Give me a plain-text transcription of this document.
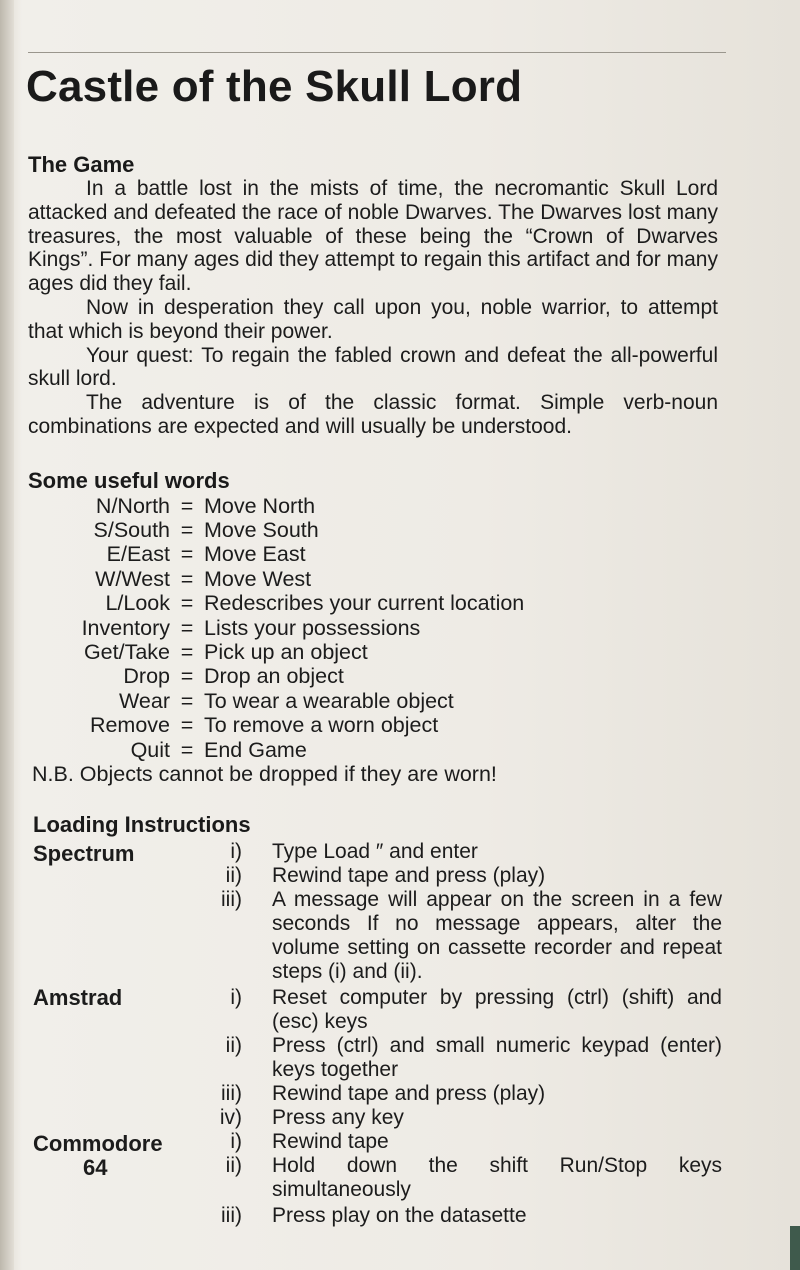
Castle of the Skull Lord
The Game

In a battle lost in the mists of time, the necromantic Skull Lord attacked and defeated the race of noble Dwarves. The Dwarves lost many treasures, the most valuable of these being the “Crown of Dwarves Kings”. For many ages did they attempt to regain this artifact and for many ages did they fail.

Now in desperation they call upon you, noble warrior, to attempt that which is beyond their power.

Your quest: To regain the fabled crown and defeat the all-powerful skull lord.

The adventure is of the classic format. Simple verb-noun combinations are expected and will usually be understood.

Some useful words
N/North = Move North
S/South = Move South
E/East = Move East
W/West = Move West
L/Look = Redescribes your current location
Inventory = Lists your possessions
Get/Take = Pick up an object
Drop = Drop an object
Wear = To wear a wearable object
Remove = To remove a worn object
Quit = End Game
N.B. Objects cannot be dropped if they are worn!
Loading Instructions
Spectrum	i)	Type Load ″ and enter
ii)	Rewind tape and press (play)
iii)	A message will appear on the screen in a few seconds If no message appears, alter the volume setting on cassette recorder and repeat steps (i) and (ii).
Amstrad	i)	Reset computer by pressing (ctrl) (shift) and (esc) keys
ii)	Press (ctrl) and small numeric keypad (enter) keys together
iii)	Rewind tape and press (play)
iv)	Press any key
Commodore
64
i)	Rewind tape
ii)	Hold down the shift Run/Stop keys simultaneously
iii)	Press play on the datasette
